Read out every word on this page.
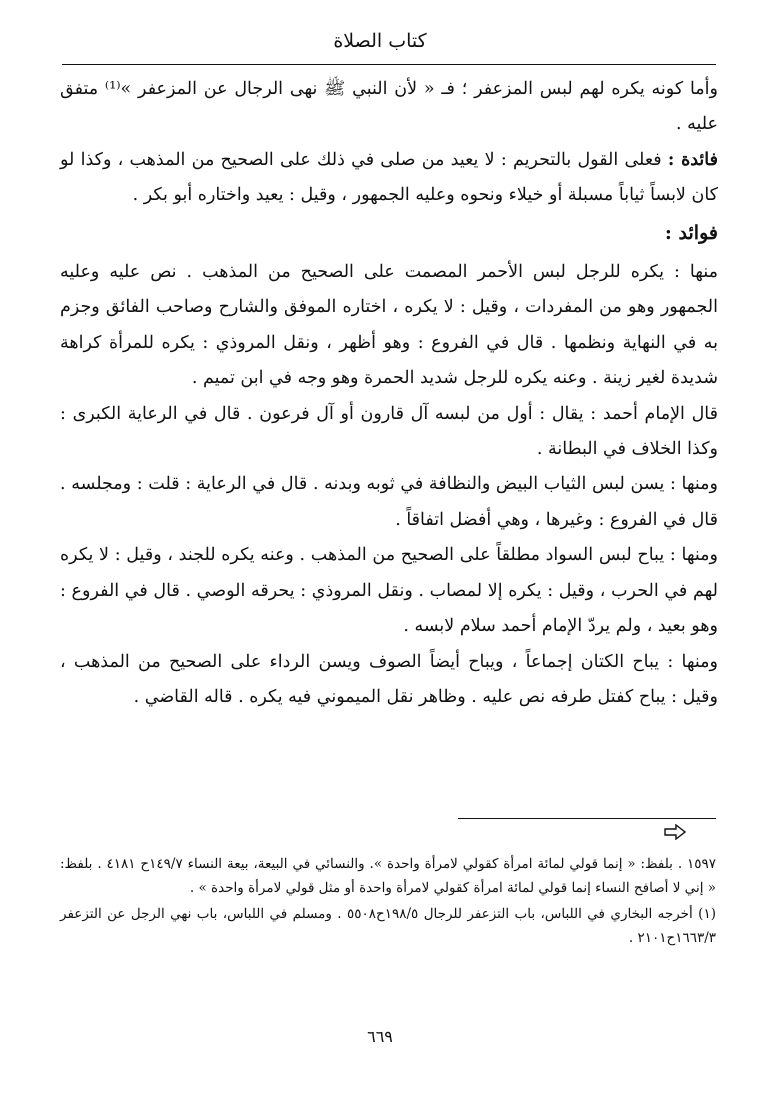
كتاب الصلاة

وأما كونه يكره لهم لبس المزعفر ؛ فـ « لأن النبي ﷺ نهى الرجال عن المزعفر »⁽¹⁾ متفق عليه .

فائدة : فعلى القول بالتحريم : لا يعيد من صلى في ذلك على الصحيح من المذهب ، وكذا لو كان لابساً ثياباً مسبلة أو خيلاء ونحوه وعليه الجمهور ، وقيل : يعيد واختاره أبو بكر .

فوائد :

منها : يكره للرجل لبس الأحمر المصمت على الصحيح من المذهب . نص عليه وعليه الجمهور وهو من المفردات ، وقيل : لا يكره ، اختاره الموفق والشارح وصاحب الفائق وجزم به في النهاية ونظمها . قال في الفروع : وهو أظهر ، ونقل المروذي : يكره للمرأة كراهة شديدة لغير زينة . وعنه يكره للرجل شديد الحمرة وهو وجه في ابن تميم .

قال الإمام أحمد : يقال : أول من لبسه آل قارون أو آل فرعون . قال في الرعاية الكبرى : وكذا الخلاف في البطانة .

ومنها : يسن لبس الثياب البيض والنظافة في ثوبه وبدنه . قال في الرعاية : قلت : ومجلسه . قال في الفروع : وغيرها ، وهي أفضل اتفاقاً .

ومنها : يباح لبس السواد مطلقاً على الصحيح من المذهب . وعنه يكره للجند ، وقيل : لا يكره لهم في الحرب ، وقيل : يكره إلا لمصاب . ونقل المروذي : يحرقه الوصي . قال في الفروع : وهو بعيد ، ولم يردّ الإمام أحمد سلام لابسه .

ومنها : يباح الكتان إجماعاً ، ويباح أيضاً الصوف ويسن الرداء على الصحيح من المذهب ، وقيل : يباح كفتل طرفه نص عليه . وظاهر نقل الميموني فيه يكره . قاله القاضي .

١٥٩٧ . بلفظ: « إنما قولي لمائة امرأة كقولي لامرأة واحدة ». والنسائي في البيعة، بيعة النساء ١٤٩/٧ح ٤١٨١ . بلفظ: « إني لا أصافح النساء إنما قولي لمائة امرأة كقولي لامرأة واحدة أو مثل قولي لامرأة واحدة » .

(١) أخرجه البخاري في اللباس، باب التزعفر للرجال ١٩٨/٥ح٥٥٠٨ . ومسلم في اللباس، باب نهي الرجل عن التزعفر ١٦٦٣/٣ح٢١٠١ .

٦٦٩
